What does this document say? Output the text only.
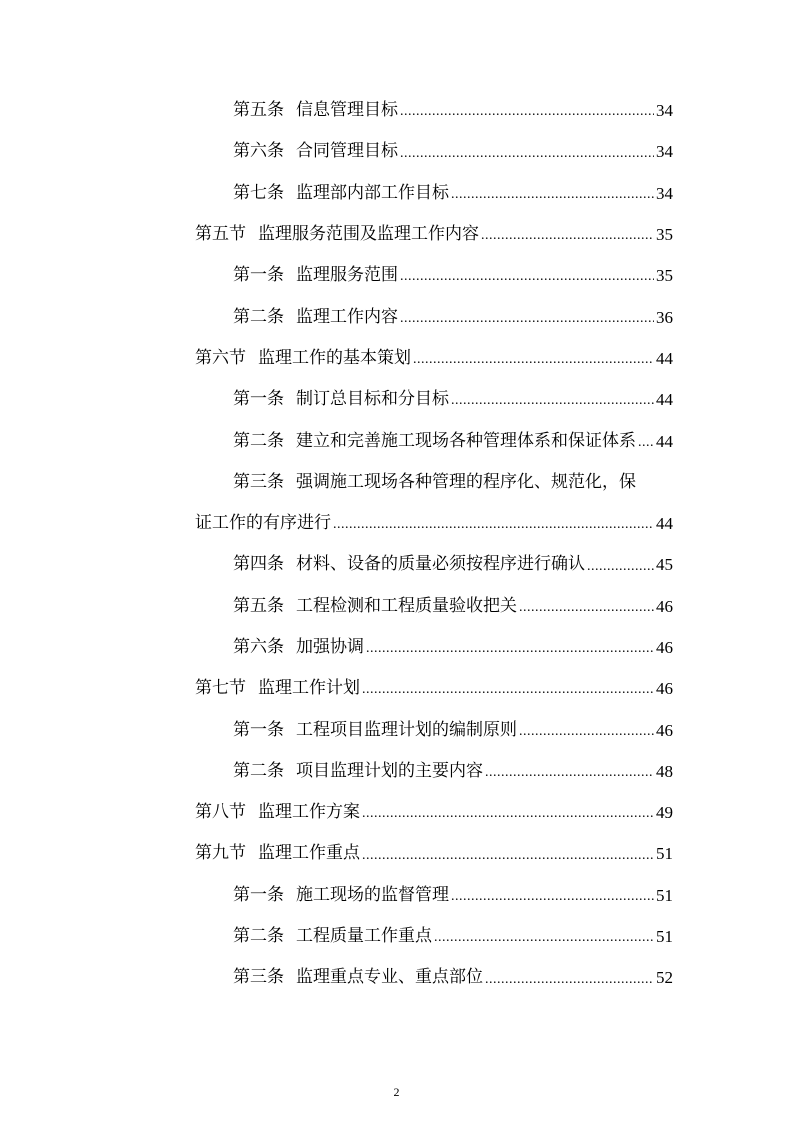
第五条 信息管理目标 .....	34
第六条 合同管理目标 .....	34
第七条 监理部内部工作目标 .....	34
第五节 监理服务范围及监理工作内容 .....	35
第一条 监理服务范围 .....	35
第二条 监理工作内容 .....	36
第六节 监理工作的基本策划 .....	44
第一条 制订总目标和分目标 .....	44
第二条 建立和完善施工现场各种管理体系和保证体系 ..... 44
第三条 强调施工现场各种管理的程序化、规范化，保
证工作的有序进行 .....	44
第四条 材料、设备的质量必须按程序进行确认 .....	45
第五条 工程检测和工程质量验收把关 .....	46
第六条 加强协调 .....	46
第七节 监理工作计划 .....	46
第一条 工程项目监理计划的编制原则 .....	46
第二条 项目监理计划的主要内容 .....	48
第八节 监理工作方案 .....	49
第九节 监理工作重点 .....	51
第一条 施工现场的监督管理 .....	51
第二条 工程质量工作重点 .....	51
第三条 监理重点专业、重点部位 .....	52
2
